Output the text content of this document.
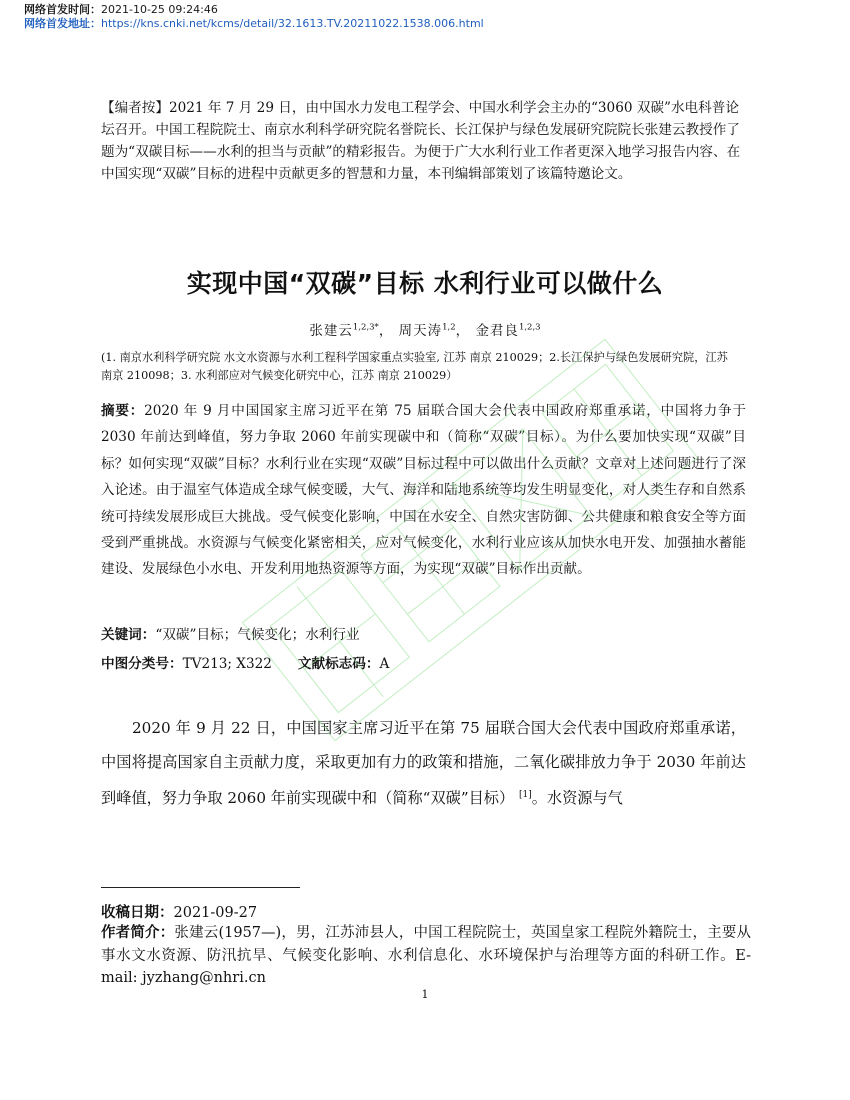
网络首发时间：2021-10-25 09:24:46
网络首发地址：https://kns.cnki.net/kcms/detail/32.1613.TV.20211022.1538.006.html
【编者按】2021 年 7 月 29 日，由中国水力发电工程学会、中国水利学会主办的“3060 双碳”水电科普论坛召开。中国工程院院士、南京水利科学研究院名誉院长、长江保护与绿色发展研究院院长张建云教授作了题为“双碳目标——水利的担当与贡献”的精彩报告。为便于广大水利行业工作者更深入地学习报告内容、在中国实现“双碳”目标的进程中贡献更多的智慧和力量，本刊编辑部策划了该篇特邀论文。
实现中国“双碳”目标 水利行业可以做什么
张建云$^{1,2,3*}$， 周天涛$^{1,2}$， 金君良$^{1,2,3}$
(1. 南京水利科学研究院 水文水资源与水利工程科学国家重点实验室, 江苏 南京 210029；2.长江保护与绿色发展研究院，江苏 南京 210098；3. 水利部应对气候变化研究中心，江苏 南京 210029）
摘要：2020 年 9 月中国国家主席习近平在第 75 届联合国大会代表中国政府郑重承诺，中国将力争于 2030 年前达到峰值，努力争取 2060 年前实现碳中和（简称“双碳”目标）。为什么要加快实现“双碳”目标？如何实现“双碳”目标？水利行业在实现“双碳”目标过程中可以做出什么贡献？文章对上述问题进行了深入论述。由于温室气体造成全球气候变暖，大气、海洋和陆地系统等均发生明显变化，对人类生存和自然系统可持续发展形成巨大挑战。受气候变化影响，中国在水安全、自然灾害防御、公共健康和粮食安全等方面受到严重挑战。水资源与气候变化紧密相关，应对气候变化，水利行业应该从加快水电开发、加强抽水蓄能建设、发展绿色小水电、开发利用地热资源等方面，为实现“双碳”目标作出贡献。
关键词：“双碳”目标；气候变化；水利行业
中图分类号：TV213; X322 文献标志码：A
2020 年 9 月 22 日，中国国家主席习近平在第 75 届联合国大会代表中国政府郑重承诺，中国将提高国家自主贡献力度，采取更加有力的政策和措施，二氧化碳排放力争于 2030 年前达到峰值，努力争取 2060 年前实现碳中和（简称“双碳”目标） [1]。水资源与气
收稿日期：2021-09-27
作者简介：张建云(1957—)，男，江苏沛县人，中国工程院院士，英国皇家工程院外籍院士，主要从事水文水资源、防汛抗旱、气候变化影响、水利信息化、水环境保护与治理等方面的科研工作。E-mail: jyzhang@nhri.cn
1
